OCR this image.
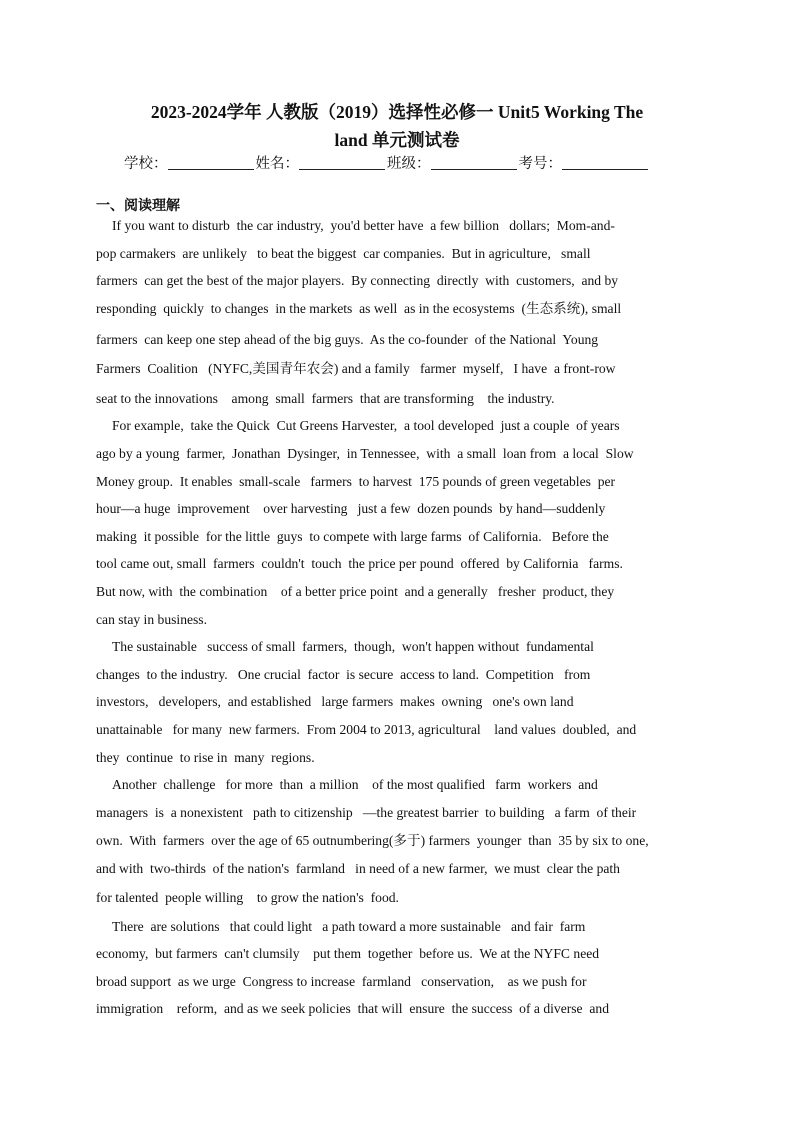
2023-2024学年 人教版（2019）选择性必修一 Unit5 Working The
land 单元测试卷
学校：	姓名：	班级：	考号：
一、阅读理解
If you want to disturb  the car industry,  you'd better have  a few billion   dollars;  Mom-and-
pop carmakers  are unlikely   to beat the biggest  car companies.  But in agriculture,   small
farmers  can get the best of the major players.  By connecting  directly  with  customers,  and by
responding  quickly  to changes  in the markets  as well  as in the ecosystems  (生态系统), small
farmers  can keep one step ahead of the big guys.  As the co-founder  of the National  Young
Farmers  Coalition   (NYFC,美国青年农会) and a family   farmer  myself,   I have  a front-row
seat to the innovations    among  small  farmers  that are transforming    the industry.
For example,  take the Quick  Cut Greens Harvester,  a tool developed  just a couple  of years
ago by a young  farmer,  Jonathan  Dysinger,  in Tennessee,  with  a small  loan from  a local  Slow
Money group.  It enables  small-scale   farmers  to harvest  175 pounds of green vegetables  per
hour—a huge  improvement    over harvesting   just a few  dozen pounds  by hand—suddenly
making  it possible  for the little  guys  to compete with large farms  of California.   Before the
tool came out, small  farmers  couldn't  touch  the price per pound  offered  by California   farms.
But now, with  the combination    of a better price point  and a generally   fresher  product, they
can stay in business.
The sustainable   success of small  farmers,  though,  won't happen without  fundamental
changes  to the industry.   One crucial  factor  is secure  access to land.  Competition   from
investors,   developers,  and established   large farmers  makes  owning   one's own land
unattainable   for many  new farmers.  From 2004 to 2013, agricultural    land values  doubled,  and
they  continue  to rise in  many  regions.
Another  challenge   for more  than  a million    of the most qualified   farm  workers  and
managers  is  a nonexistent   path to citizenship   —the greatest barrier  to building   a farm  of their
own.  With  farmers  over the age of 65 outnumbering(多于) farmers  younger  than  35 by six to one,
and with  two-thirds  of the nation's  farmland   in need of a new farmer,  we must  clear the path
for talented  people willing    to grow the nation's  food.
There  are solutions   that could light   a path toward a more sustainable   and fair  farm
economy,  but farmers  can't clumsily    put them  together  before us.  We at the NYFC need
broad support  as we urge  Congress to increase  farmland   conservation,    as we push for
immigration    reform,  and as we seek policies  that will  ensure  the success  of a diverse  and
